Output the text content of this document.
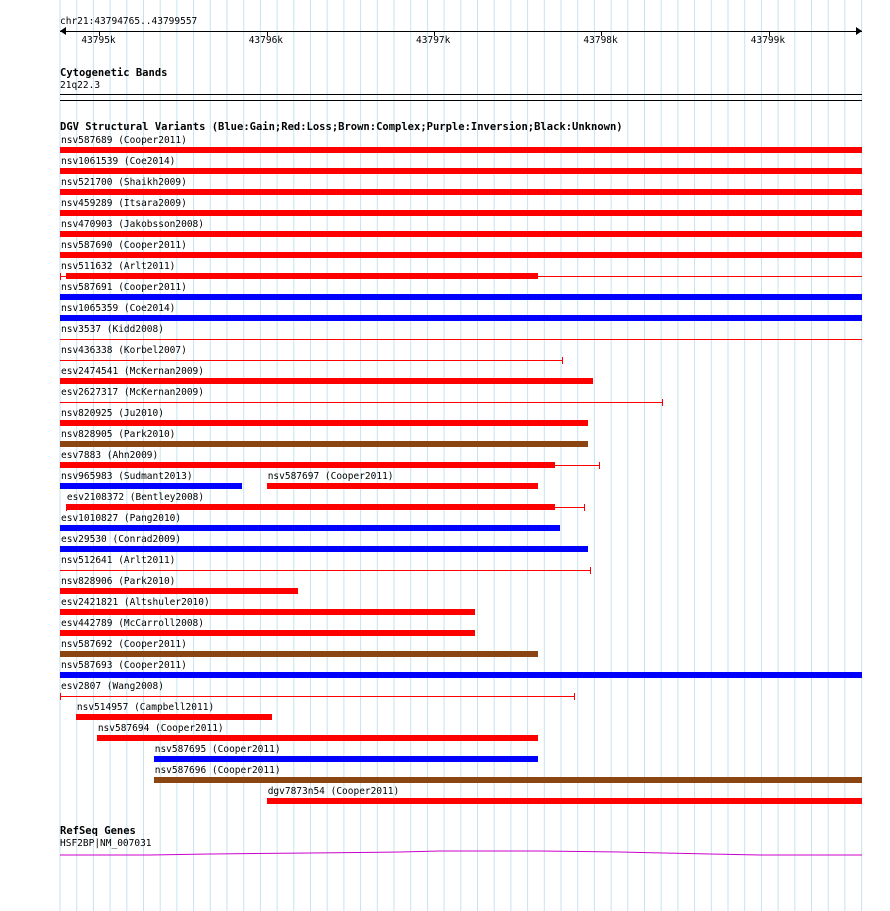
chr21:43794765..43799557
43795k	43796k	43797k	43798k	43799k
Cytogenetic Bands
21q22.3
DGV Structural Variants (Blue:Gain;Red:Loss;Brown:Complex;Purple:Inversion;Black:Unknown)
nsv587689 (Cooper2011)
nsv1061539 (Coe2014)
nsv521700 (Shaikh2009)
nsv459289 (Itsara2009)
nsv470903 (Jakobsson2008)
nsv587690 (Cooper2011)
nsv511632 (Arlt2011)
nsv587691 (Cooper2011)
nsv1065359 (Coe2014)
nsv3537 (Kidd2008)
nsv436338 (Korbel2007)
esv2474541 (McKernan2009)
esv2627317 (McKernan2009)
nsv820925 (Ju2010)
nsv828905 (Park2010)
esv7883 (Ahn2009)
nsv965983 (Sudmant2013)	nsv587697 (Cooper2011)
esv2108372 (Bentley2008)
esv1010827 (Pang2010)
esv29530 (Conrad2009)
nsv512641 (Arlt2011)
nsv828906 (Park2010)
esv2421821 (Altshuler2010)
esv442789 (McCarroll2008)
nsv587692 (Cooper2011)
nsv587693 (Cooper2011)
esv2807 (Wang2008)
nsv514957 (Campbell2011)
nsv587694 (Cooper2011)
nsv587695 (Cooper2011)
nsv587696 (Cooper2011)
dgv7873n54 (Cooper2011)
RefSeq Genes
HSF2BP|NM_007031
